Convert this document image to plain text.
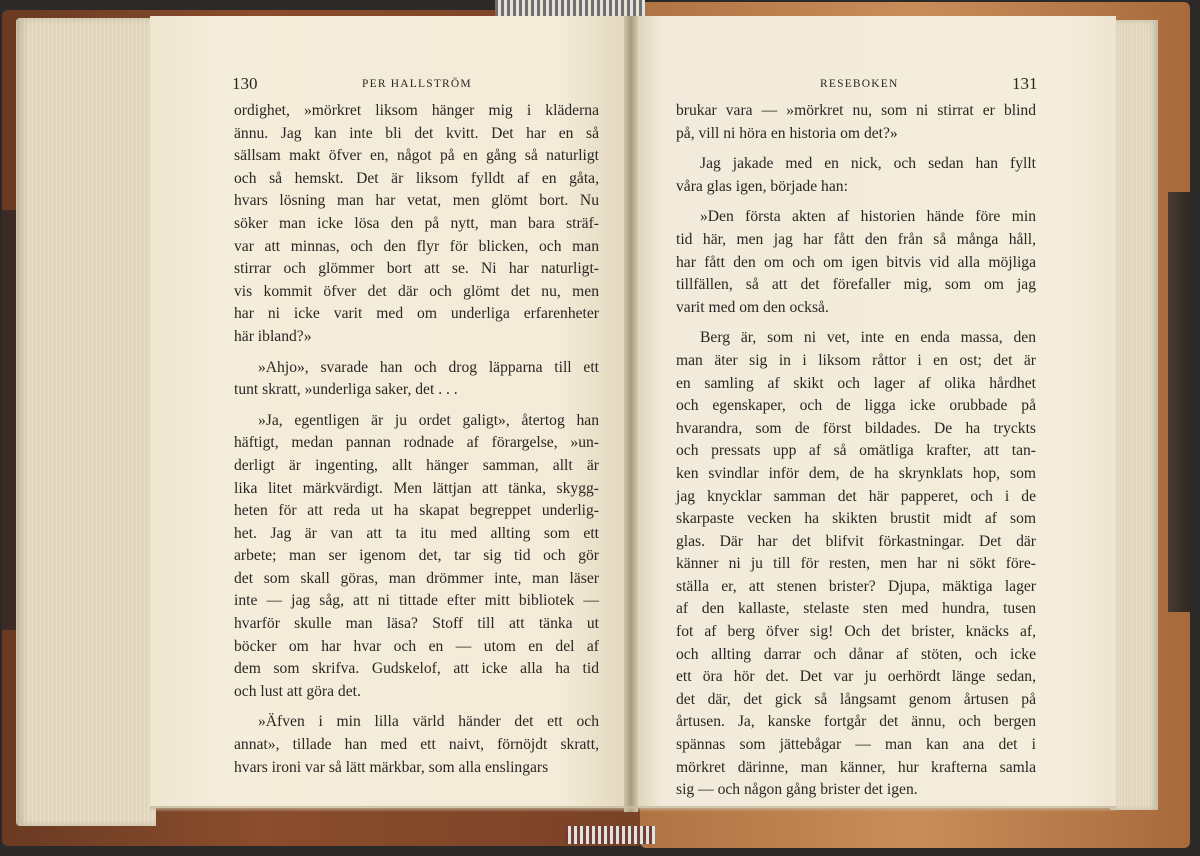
130	PER HALLSTRÖM
ordighet, »mörkret liksom hänger mig i kläderna
ännu. Jag kan inte bli det kvitt. Det har en så
sällsam makt öfver en, något på en gång så naturligt
och så hemskt. Det är liksom fylldt af en gåta,
hvars lösning man har vetat, men glömt bort. Nu
söker man icke lösa den på nytt, man bara sträf-
var att minnas, och den flyr för blicken, och man
stirrar och glömmer bort att se. Ni har naturligt-
vis kommit öfver det där och glömt det nu, men
har ni icke varit med om underliga erfarenheter
här ibland?»
»Ahjo», svarade han och drog läpparna till ett
tunt skratt, »underliga saker, det . . .
»Ja, egentligen är ju ordet galigt», återtog han
häftigt, medan pannan rodnade af förargelse, »un-
derligt är ingenting, allt hänger samman, allt är
lika litet märkvärdigt. Men lättjan att tänka, skygg-
heten för att reda ut ha skapat begreppet underlig-
het. Jag är van att ta itu med allting som ett
arbete; man ser igenom det, tar sig tid och gör
det som skall göras, man drömmer inte, man läser
inte — jag såg, att ni tittade efter mitt bibliotek —
hvarför skulle man läsa? Stoff till att tänka ut
böcker om har hvar och en — utom en del af
dem som skrifva. Gudskelof, att icke alla ha tid
och lust att göra det.
»Äfven i min lilla värld händer det ett och
annat», tillade han med ett naivt, förnöjdt skratt,
hvars ironi var så lätt märkbar, som alla enslingars
RESEBOKEN	131
brukar vara — »mörkret nu, som ni stirrat er blind
på, vill ni höra en historia om det?»
Jag jakade med en nick, och sedan han fyllt
våra glas igen, började han:
»Den första akten af historien hände före min
tid här, men jag har fått den från så många håll,
har fått den om och om igen bitvis vid alla möjliga
tillfällen, så att det förefaller mig, som om jag
varit med om den också.
Berg är, som ni vet, inte en enda massa, den
man äter sig in i liksom råttor i en ost; det är
en samling af skikt och lager af olika hårdhet
och egenskaper, och de ligga icke orubbade på
hvarandra, som de först bildades. De ha tryckts
och pressats upp af så omätliga krafter, att tan-
ken svindlar inför dem, de ha skrynklats hop, som
jag knycklar samman det här papperet, och i de
skarpaste vecken ha skikten brustit midt af som
glas. Där har det blifvit förkastningar. Det där
känner ni ju till för resten, men har ni sökt före-
ställa er, att stenen brister? Djupa, mäktiga lager
af den kallaste, stelaste sten med hundra, tusen
fot af berg öfver sig! Och det brister, knäcks af,
och allting darrar och dånar af stöten, och icke
ett öra hör det. Det var ju oerhördt länge sedan,
det där, det gick så långsamt genom årtusen på
årtusen. Ja, kanske fortgår det ännu, och bergen
spännas som jättebågar — man kan ana det i
mörkret därinne, man känner, hur krafterna samla
sig — och någon gång brister det igen.
